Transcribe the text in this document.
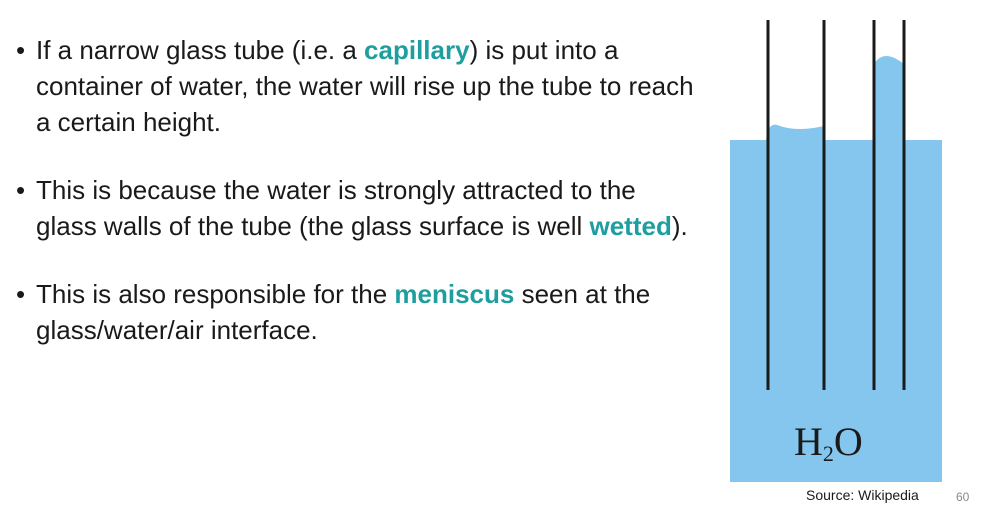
• If a narrow glass tube (i.e. a capillary) is put into a container of water, the water will rise up the tube to reach a certain height.
• This is because the water is strongly attracted to the glass walls of the tube (the glass surface is well wetted).
• This is also responsible for the meniscus seen at the glass/water/air interface.
$H_2O$
Source: Wikipedia	60
